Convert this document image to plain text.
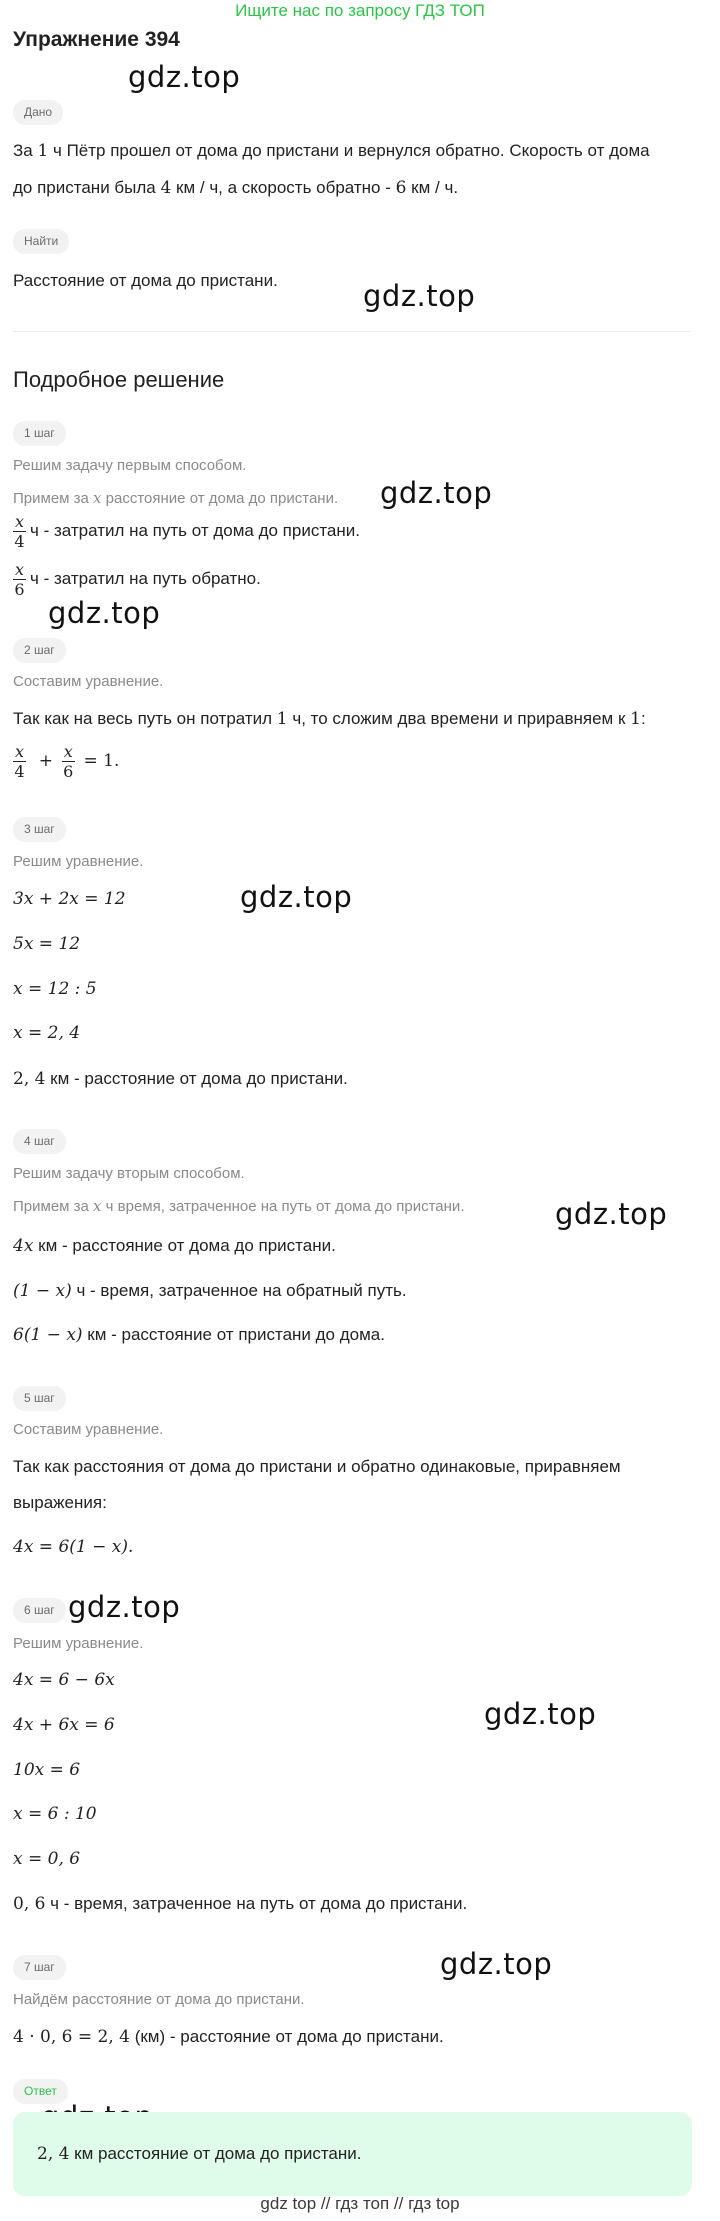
Ищите нас по запросу ГДЗ ТОП
Упражнение 394
gdz.top
gdz.top
gdz.top
gdz.top
gdz.top
gdz.top
gdz.top
gdz.top
gdz.top
Дано
За 1 ч Пётр прошел от дома до пристани и вернулся обратно. Скорость от дома
до пристани была 4 км / ч, а скорость обратно - 6 км / ч.
Найти
Расстояние от дома до пристани.
Подробное решение
1 шаг
Решим задачу первым способом.
Примем за x расстояние от дома до пристани.
$\frac{x}{4}$ ч - затратил на путь от дома до пристани.
$\frac{x}{6}$ ч - затратил на путь обратно.
2 шаг
Составим уравнение.
Так как на весь путь он потратил 1 ч, то сложим два времени и приравняем к 1:
$\frac{x}{4} + \frac{x}{6} = 1$.
3 шаг
Решим уравнение.
3x + 2x = 12
5x = 12
x = 12 : 5
x = 2, 4
2, 4 км - расстояние от дома до пристани.
4 шаг
Решим задачу вторым способом.
Примем за x ч время, затраченное на путь от дома до пристани.
4x км - расстояние от дома до пристани.
(1 − x) ч - время, затраченное на обратный путь.
6(1 − x) км - расстояние от пристани до дома.
5 шаг
Составим уравнение.
Так как расстояния от дома до пристани и обратно одинаковые, приравняем
выражения:
4x = 6(1 − x).
6 шаг
Решим уравнение.
4x = 6 − 6x
4x + 6x = 6
10x = 6
x = 6 : 10
x = 0, 6
0, 6 ч - время, затраченное на путь от дома до пристани.
7 шаг
Найдём расстояние от дома до пристани.
4 · 0, 6 = 2, 4 (км) - расстояние от дома до пристани.
Ответ
2, 4 км расстояние от дома до пристани.
gdz top // гдз топ // гдз top
